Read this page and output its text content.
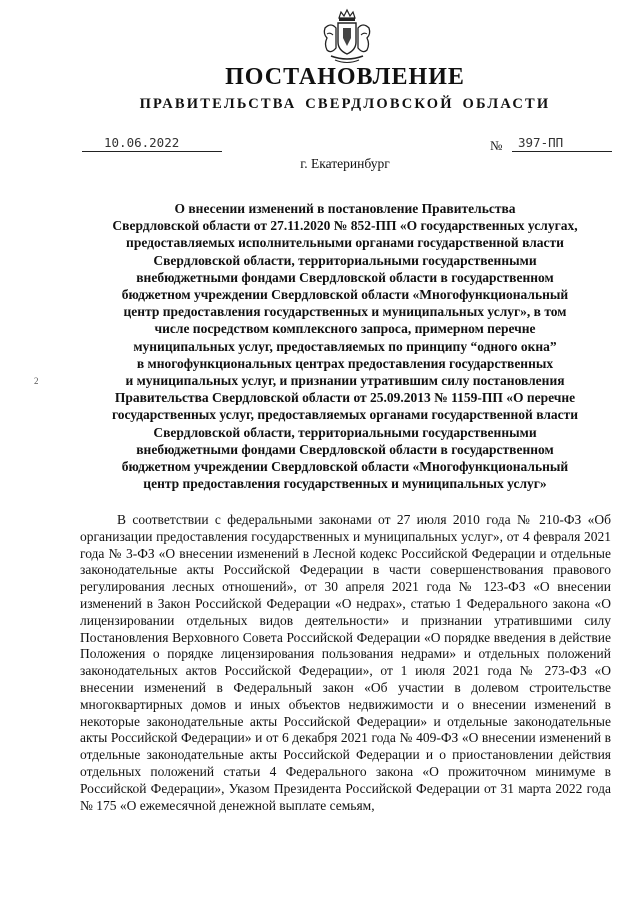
ПОСТАНОВЛЕНИЕ
ПРАВИТЕЛЬСТВА СВЕРДЛОВСКОЙ ОБЛАСТИ
10.06.2022	№	397-ПП
г. Екатеринбург
О внесении изменений в постановление Правительства
Свердловской области от 27.11.2020 № 852-ПП «О государственных услугах,
предоставляемых исполнительными органами государственной власти
Свердловской области, территориальными государственными
внебюджетными фондами Свердловской области в государственном
бюджетном учреждении Свердловской области «Многофункциональный
центр предоставления государственных и муниципальных услуг», в том
числе посредством комплексного запроса, примерном перечне
муниципальных услуг, предоставляемых по принципу “одного окна”
в многофункциональных центрах предоставления государственных
и муниципальных услуг, и признании утратившим силу постановления
Правительства Свердловской области от 25.09.2013 № 1159-ПП «О перечне
государственных услуг, предоставляемых органами государственной власти
Свердловской области, территориальными государственными
внебюджетными фондами Свердловской области в государственном
бюджетном учреждении Свердловской области «Многофункциональный
центр предоставления государственных и муниципальных услуг»
2

В соответствии с федеральными законами от 27 июля 2010 года № 210-ФЗ «Об организации предоставления государственных и муниципальных услуг», от 4 февраля 2021 года № 3-ФЗ «О внесении изменений в Лесной кодекс Российской Федерации и отдельные законодательные акты Российской Федерации в части совершенствования правового регулирования лесных отношений», от 30 апреля 2021 года № 123-ФЗ «О внесении изменений в Закон Российской Федерации «О недрах», статью 1 Федерального закона «О лицензировании отдельных видов деятельности» и признании утратившими силу Постановления Верховного Совета Российской Федерации «О порядке введения в действие Положения о порядке лицензирования пользования недрами» и отдельных положений законодательных актов Российской Федерации», от 1 июля 2021 года № 273-ФЗ «О внесении изменений в Федеральный закон «Об участии в долевом строительстве многоквартирных домов и иных объектов недвижимости и о внесении изменений в некоторые законодательные акты Российской Федерации» и отдельные законодательные акты Российской Федерации» и от 6 декабря 2021 года № 409-ФЗ «О внесении изменений в отдельные законодательные акты Российской Федерации и о приостановлении действия отдельных положений статьи 4 Федерального закона «О прожиточном минимуме в Российской Федерации», Указом Президента Российской Федерации от 31 марта 2022 года № 175 «О ежемесячной денежной выплате семьям,
